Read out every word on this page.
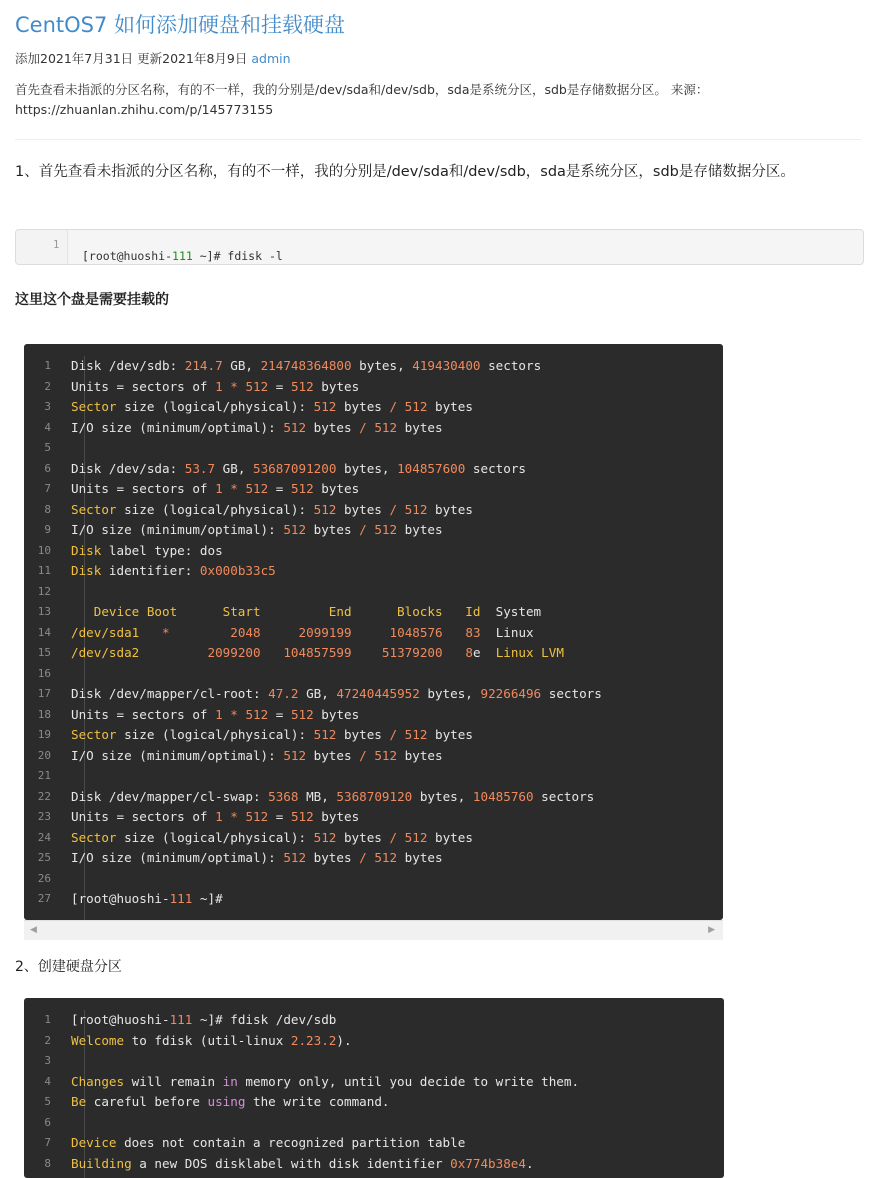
CentOS7 如何添加硬盘和挂载硬盘
添加2021年7月31日 更新2021年8月9日 admin
首先查看未指派的分区名称，有的不一样，我的分别是/dev/sda和/dev/sdb，sda是系统分区，sdb是存储数据分区。 来源：https://zhuanlan.zhihu.com/p/145773155
1、首先查看未指派的分区名称，有的不一样，我的分别是/dev/sda和/dev/sdb，sda是系统分区，sdb是存储数据分区。
1
[root@huoshi-111 ~]# fdisk -l
这里这个盘是需要挂载的
1 Disk /dev/sdb: 214.7 GB, 214748364800 bytes, 419430400 sectors
2 Units = sectors of 1 * 512 = 512 bytes
3 Sector size (logical/physical): 512 bytes / 512 bytes
4 I/O size (minimum/optimal): 512 bytes / 512 bytes
5
6 Disk /dev/sda: 53.7 GB, 53687091200 bytes, 104857600 sectors
7 Units = sectors of 1 * 512 = 512 bytes
8 Sector size (logical/physical): 512 bytes / 512 bytes
9 I/O size (minimum/optimal): 512 bytes / 512 bytes
10 Disk label type: dos
11 Disk identifier: 0x000b33c5
12
13 Device Boot      Start         End      Blocks   Id  System
14 /dev/sda1 *	2048	2099199	1048576 83  Linux
15 /dev/sda2	2099200 104857599 51379200 8e  Linux LVM
16
17 Disk /dev/mapper/cl-root: 47.2 GB, 47240445952 bytes, 92266496 sectors
18 Units = sectors of 1 * 512 = 512 bytes
19 Sector size (logical/physical): 512 bytes / 512 bytes
20 I/O size (minimum/optimal): 512 bytes / 512 bytes
21
22 Disk /dev/mapper/cl-swap: 5368 MB, 5368709120 bytes, 10485760 sectors
23 Units = sectors of 1 * 512 = 512 bytes
24 Sector size (logical/physical): 512 bytes / 512 bytes
25 I/O size (minimum/optimal): 512 bytes / 512 bytes
26
27 [root@huoshi-111 ~]#
◀	▶
2、创建硬盘分区
1 [root@huoshi-111 ~]# fdisk /dev/sdb
2 Welcome to fdisk (util-linux 2.23.2).
3
4 Changes will remain in memory only, until you decide to write them.
5 Be careful before using the write command.
6
7 Device does not contain a recognized partition table
8 Building a new DOS disklabel with disk identifier 0x774b38e4.
